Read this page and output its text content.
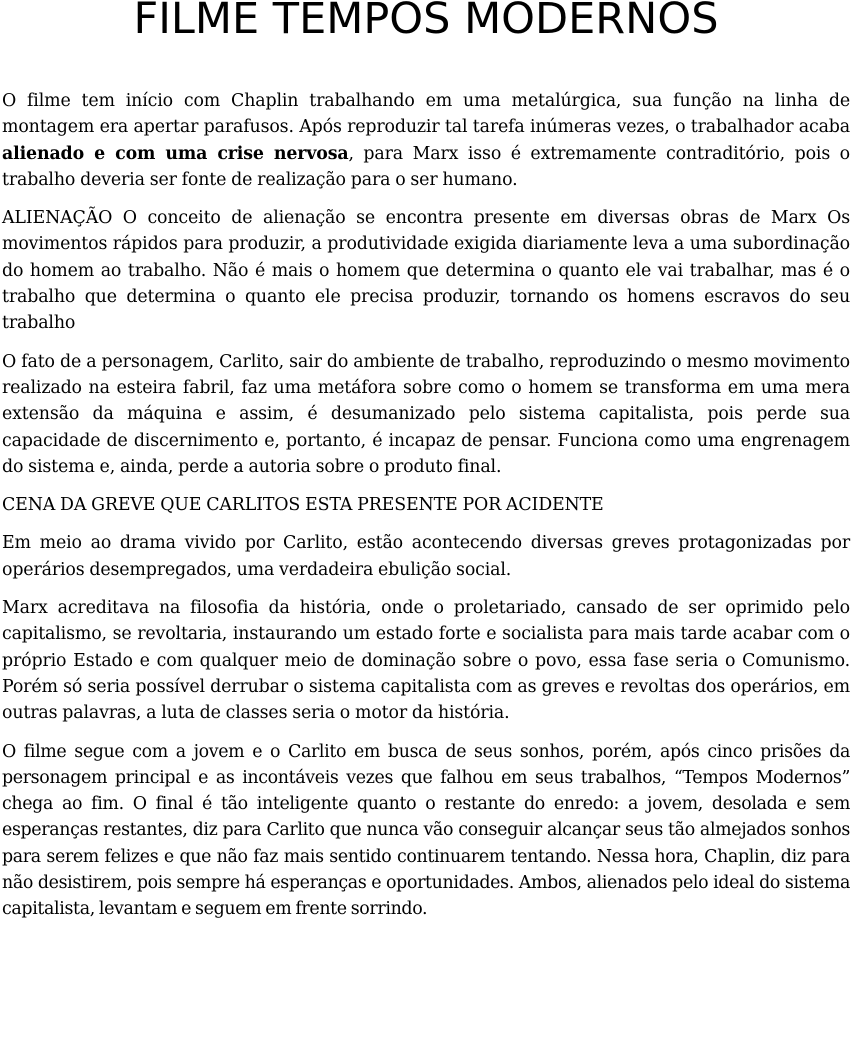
FILME TEMPOS MODERNOS

O filme tem início com Chaplin trabalhando em uma metalúrgica, sua função na linha de montagem era apertar parafusos. Após reproduzir tal tarefa inúmeras vezes, o trabalhador acaba alienado e com uma crise nervosa, para Marx isso é extremamente contraditório, pois o trabalho deveria ser fonte de realização para o ser humano.

ALIENAÇÃO O conceito de alienação se encontra presente em diversas obras de Marx Os movimentos rápidos para produzir, a produtividade exigida diariamente leva a uma subordinação do homem ao trabalho. Não é mais o homem que determina o quanto ele vai trabalhar, mas é o trabalho que determina o quanto ele precisa produzir, tornando os homens escravos do seu trabalho

O fato de a personagem, Carlito, sair do ambiente de trabalho, reproduzindo o mesmo movimento realizado na esteira fabril, faz uma metáfora sobre como o homem se transforma em uma mera extensão da máquina e assim, é desumanizado pelo sistema capitalista, pois perde sua capacidade de discernimento e, portanto, é incapaz de pensar. Funciona como uma engrenagem do sistema e, ainda, perde a autoria sobre o produto final.

CENA DA GREVE QUE CARLITOS ESTA PRESENTE POR ACIDENTE

Em meio ao drama vivido por Carlito, estão acontecendo diversas greves protagonizadas por operários desempregados, uma verdadeira ebulição social.

Marx acreditava na filosofia da história, onde o proletariado, cansado de ser oprimido pelo capitalismo, se revoltaria, instaurando um estado forte e socialista para mais tarde acabar com o próprio Estado e com qualquer meio de dominação sobre o povo, essa fase seria o Comunismo. Porém só seria possível derrubar o sistema capitalista com as greves e revoltas dos operários, em outras palavras, a luta de classes seria o motor da história.

O filme segue com a jovem e o Carlito em busca de seus sonhos, porém, após cinco prisões da personagem principal e as incontáveis vezes que falhou em seus trabalhos, “Tempos Modernos” chega ao fim. O final é tão inteligente quanto o restante do enredo: a jovem, desolada e sem esperanças restantes, diz para Carlito que nunca vão conseguir alcançar seus tão almejados sonhos para serem felizes e que não faz mais sentido continuarem tentando. Nessa hora, Chaplin, diz para não desistirem, pois sempre há esperanças e oportunidades. Ambos, alienados pelo ideal do sistema capitalista, levantam e seguem em frente sorrindo.
